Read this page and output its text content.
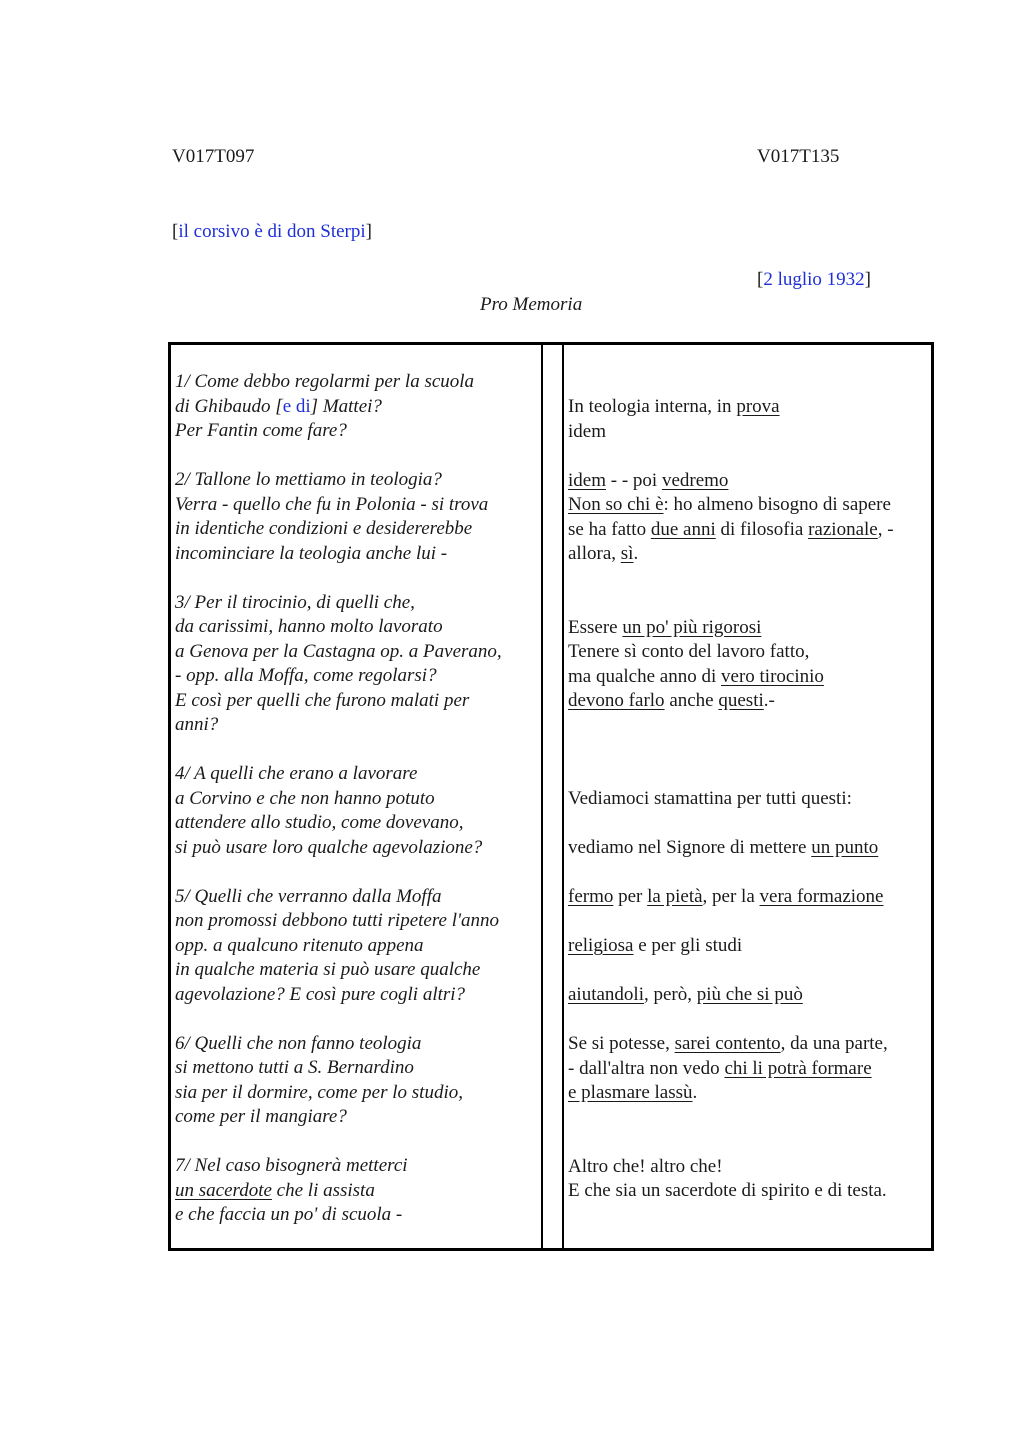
V017T097	V017T135
[il corsivo è di don Sterpi]
[2 luglio 1932]
Pro Memoria
1/ Come debbo regolarmi per la scuola
di Ghibaudo [e di] Mattei?
Per Fantin come fare?

2/ Tallone lo mettiamo in teologia?
Verra - quello che fu in Polonia - si trova
in identiche condizioni e desidererebbe
incominciare la teologia anche lui -

3/ Per il tirocinio, di quelli che,
da carissimi, hanno molto lavorato
a Genova per la Castagna op. a Paverano,
- opp. alla Moffa, come regolarsi?
E così per quelli che furono malati per
anni?

4/ A quelli che erano a lavorare
a Corvino e che non hanno potuto
attendere allo studio, come dovevano,
si può usare loro qualche agevolazione?

5/ Quelli che verranno dalla Moffa
non promossi debbono tutti ripetere l'anno
opp. a qualcuno ritenuto appena
in qualche materia si può usare qualche
agevolazione? E così pure cogli altri?

6/ Quelli che non fanno teologia
si mettono tutti a S. Bernardino
sia per il dormire, come per lo studio,
come per il mangiare?

7/ Nel caso bisognerà metterci
un sacerdote che li assista
e che faccia un po' di scuola -
In teologia interna, in prova
idem

idem - - poi vedremo
Non so chi è: ho almeno bisogno di sapere
se ha fatto due anni di filosofia razionale, -
allora, sì.

Essere un po' più rigorosi
Tenere sì conto del lavoro fatto,
ma qualche anno di vero tirocinio
devono farlo anche questi.-

Vediamoci stamattina per tutti questi:

vediamo nel Signore di mettere un punto

fermo per la pietà, per la vera formazione

religiosa e per gli studi

aiutandoli, però, più che si può

Se si potesse, sarei contento, da una parte,
- dall'altra non vedo chi li potrà formare
e plasmare lassù.

Altro che! altro che!
E che sia un sacerdote di spirito e di testa.
